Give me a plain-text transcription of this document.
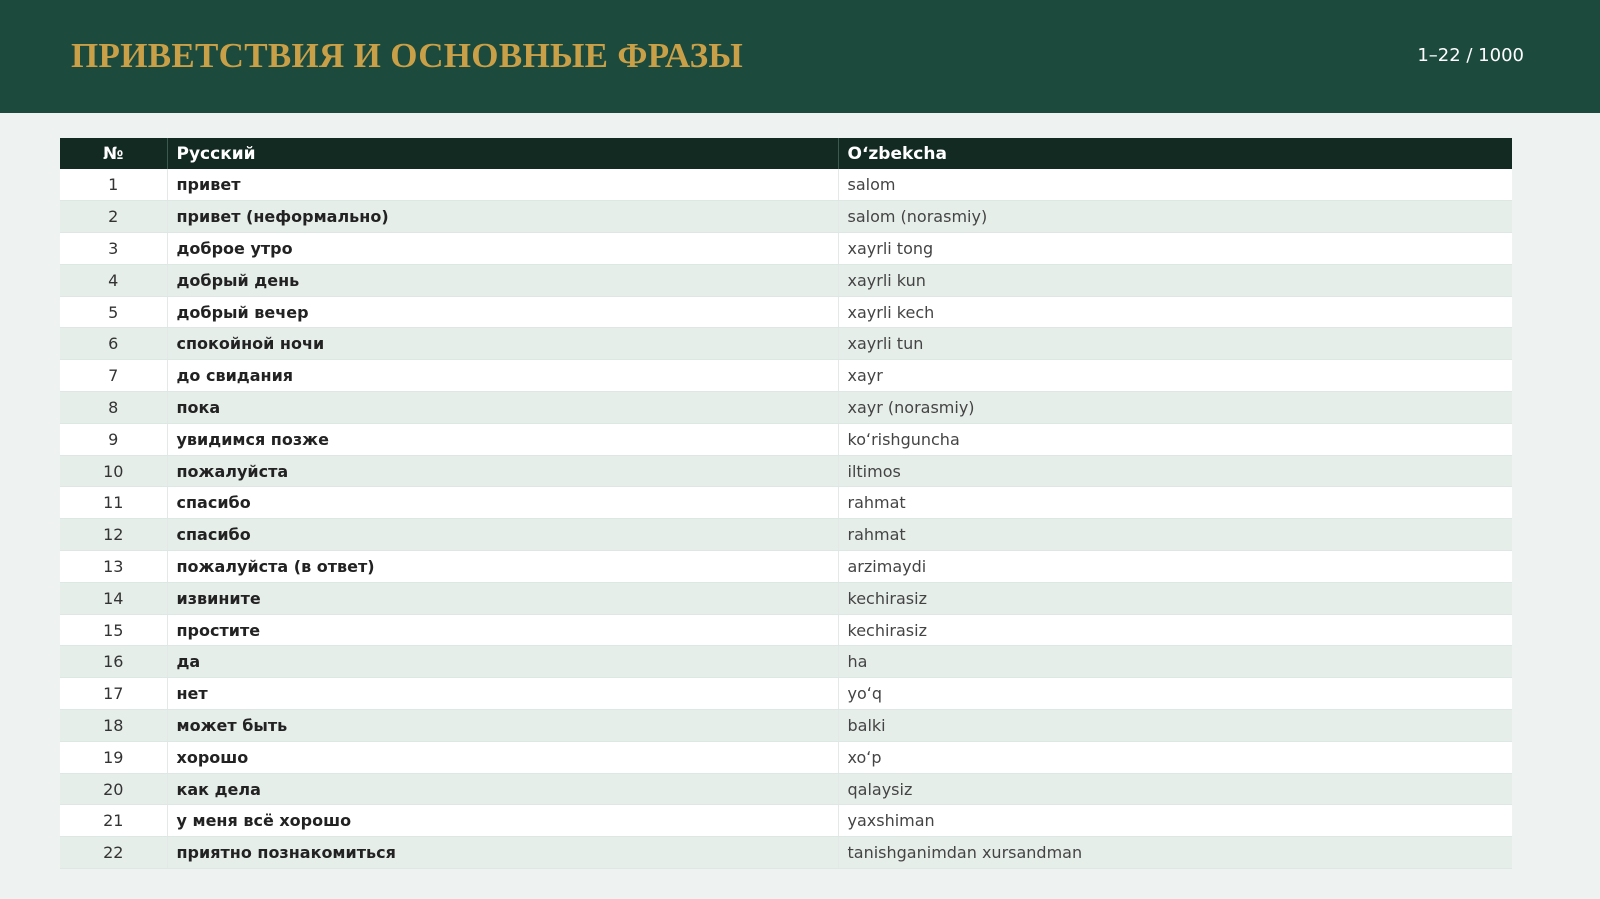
ПРИВЕТСТВИЯ И ОСНОВНЫЕ ФРАЗЫ	1–22 / 1000
№	Русский	Oʻzbekcha
1	привет	salom
2	привет (неформально)	salom (norasmiy)
3	доброе утро	xayrli tong
4	добрый день	xayrli kun
5	добрый вечер	xayrli kech
6	спокойной ночи	xayrli tun
7	до свидания	xayr
8	пока	xayr (norasmiy)
9	увидимся позже	koʻrishguncha
10	пожалуйста	iltimos
11	спасибо	rahmat
12	спасибо	rahmat
13	пожалуйста (в ответ)	arzimaydi
14	извините	kechirasiz
15	простите	kechirasiz
16	да	ha
17	нет	yoʻq
18	может быть	balki
19	хорошо	xoʻp
20	как дела	qalaysiz
21	у меня всё хорошо	yaxshiman
22	приятно познакомиться	tanishganimdan xursandman
